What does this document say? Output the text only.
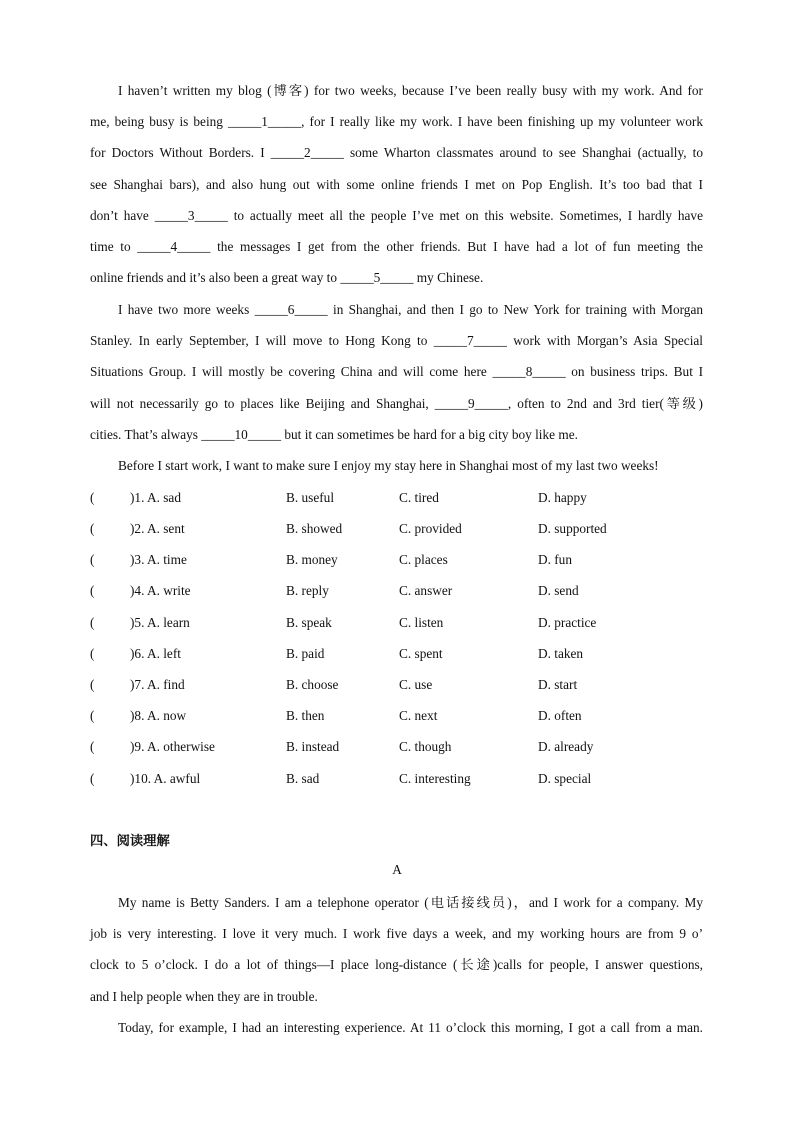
I haven’t written my blog (博客) for two weeks, because I’ve been really busy with my work. And for
me, being busy is being _____1_____, for I really like my work. I have been finishing up my volunteer work
for Doctors Without Borders. I _____2_____ some Wharton classmates around to see Shanghai (actually, to
see Shanghai bars), and also hung out with some online friends I met on Pop English. It’s too bad that I
don’t have _____3_____ to actually meet all the people I’ve met on this website. Sometimes, I hardly have
time to _____4_____ the messages I get from the other friends. But I have had a lot of fun meeting the
online friends and it’s also been a great way to _____5_____ my Chinese.
I have two more weeks _____6_____ in Shanghai, and then I go to New York for training with Morgan
Stanley. In early September, I will move to Hong Kong to _____7_____ work with Morgan’s Asia Special
Situations Group. I will mostly be covering China and will come here _____8_____ on business trips. But I
will not necessarily go to places like Beijing and Shanghai, _____9_____, often to 2nd and 3rd tier(等级)
cities. That’s always _____10_____ but it can sometimes be hard for a big city boy like me.
Before I start work, I want to make sure I enjoy my stay here in Shanghai most of my last two weeks!
(	)1. A. sad	B. useful	C. tired	D. happy
(	)2. A. sent	B. showed	C. provided	D. supported
(	)3. A. time	B. money	C. places	D. fun
(	)4. A. write	B. reply	C. answer	D. send
(	)5. A. learn	B. speak	C. listen	D. practice
(	)6. A. left	B. paid	C. spent	D. taken
(	)7. A. find	B. choose	C. use	D. start
(	)8. A. now	B. then	C. next	D. often
(	)9. A. otherwise	B. instead	C. though	D. already
(	)10. A. awful	B. sad	C. interesting	D. special
四、阅读理解
A
My name is Betty Sanders. I am a telephone operator (电话接线员)，and I work for a company. My
job is very interesting. I love it very much. I work five days a week, and my working hours are from 9 o’
clock to 5 o’clock. I do a lot of things—I place long-distance (长途)calls for people, I answer questions,
and I help people when they are in trouble.
Today, for example, I had an interesting experience. At 11 o’clock this morning, I got a call from a man.
